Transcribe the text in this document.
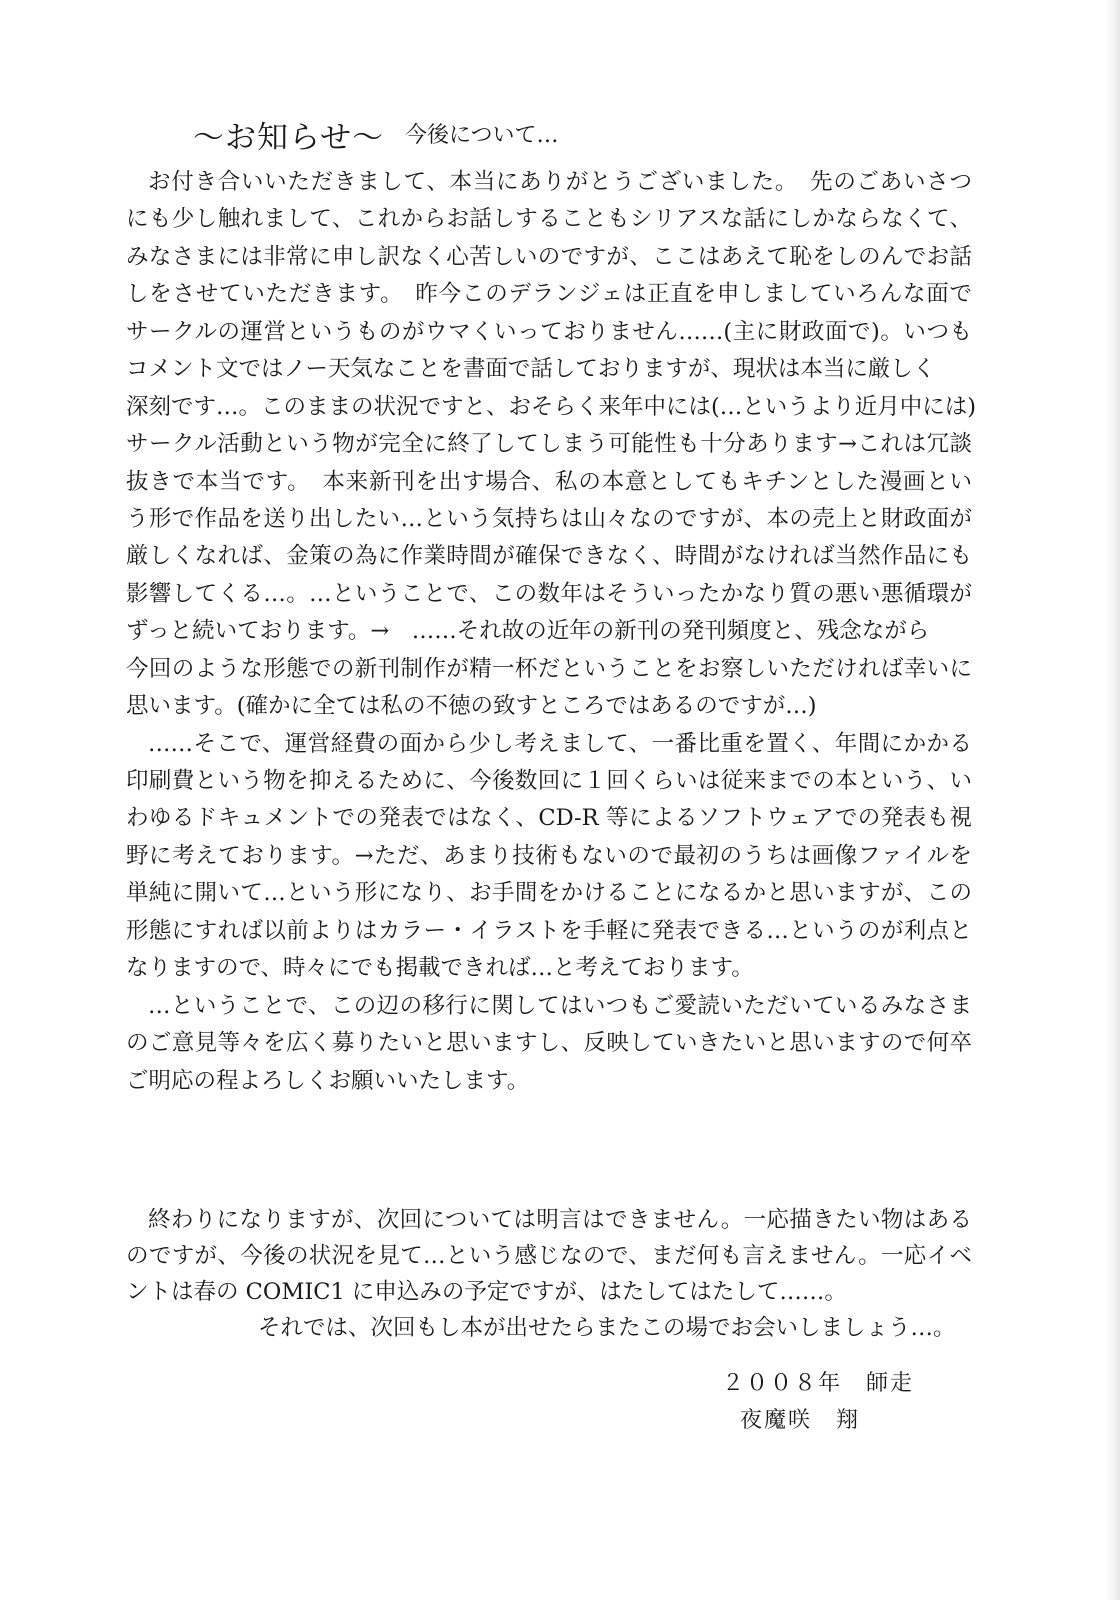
〜お知らせ〜 今後について…
お付き合いいただきまして、本当にありがとうございました。　先のごあいさつ
にも少し触れまして、これからお話しすることもシリアスな話にしかならなくて、
みなさまには非常に申し訳なく心苦しいのですが、ここはあえて恥をしのんでお話
しをさせていただきます。　昨今このデランジェは正直を申しましていろんな面で
サークルの運営というものがウマくいっておりません……(主に財政面で)。いつも
コメント文ではノー天気なことを書面で話しておりますが、現状は本当に厳しく
深刻です…。このままの状況ですと、おそらく来年中には(…というより近月中には)
サークル活動という物が完全に終了してしまう可能性も十分あります→これは冗談
抜きで本当です。　本来新刊を出す場合、私の本意としてもキチンとした漫画とい
う形で作品を送り出したい…という気持ちは山々なのですが、本の売上と財政面が
厳しくなれば、金策の為に作業時間が確保できなく、時間がなければ当然作品にも
影響してくる…。…ということで、この数年はそういったかなり質の悪い悪循環が
ずっと続いております。→　……それ故の近年の新刊の発刊頻度と、残念ながら
今回のような形態での新刊制作が精一杯だということをお察しいただければ幸いに
思います。(確かに全ては私の不徳の致すところではあるのですが…)
……そこで、運営経費の面から少し考えまして、一番比重を置く、年間にかかる
印刷費という物を抑えるために、今後数回に１回くらいは従来までの本という、い
わゆるドキュメントでの発表ではなく、CD-R 等によるソフトウェアでの発表も視
野に考えております。→ただ、あまり技術もないので最初のうちは画像ファイルを
単純に開いて…という形になり、お手間をかけることになるかと思いますが、この
形態にすれば以前よりはカラー・イラストを手軽に発表できる…というのが利点と
なりますので、時々にでも掲載できれば…と考えております。
…ということで、この辺の移行に関してはいつもご愛読いただいているみなさま
のご意見等々を広く募りたいと思いますし、反映していきたいと思いますので何卒
ご明応の程よろしくお願いいたします。
終わりになりますが、次回については明言はできません。一応描きたい物はある
のですが、今後の状況を見て…という感じなので、まだ何も言えません。一応イベ
ントは春の COMIC1 に申込みの予定ですが、はたしてはたして……。
それでは、次回もし本が出せたらまたこの場でお会いしましょう…。
２００８年　師走
夜魔咲　翔
